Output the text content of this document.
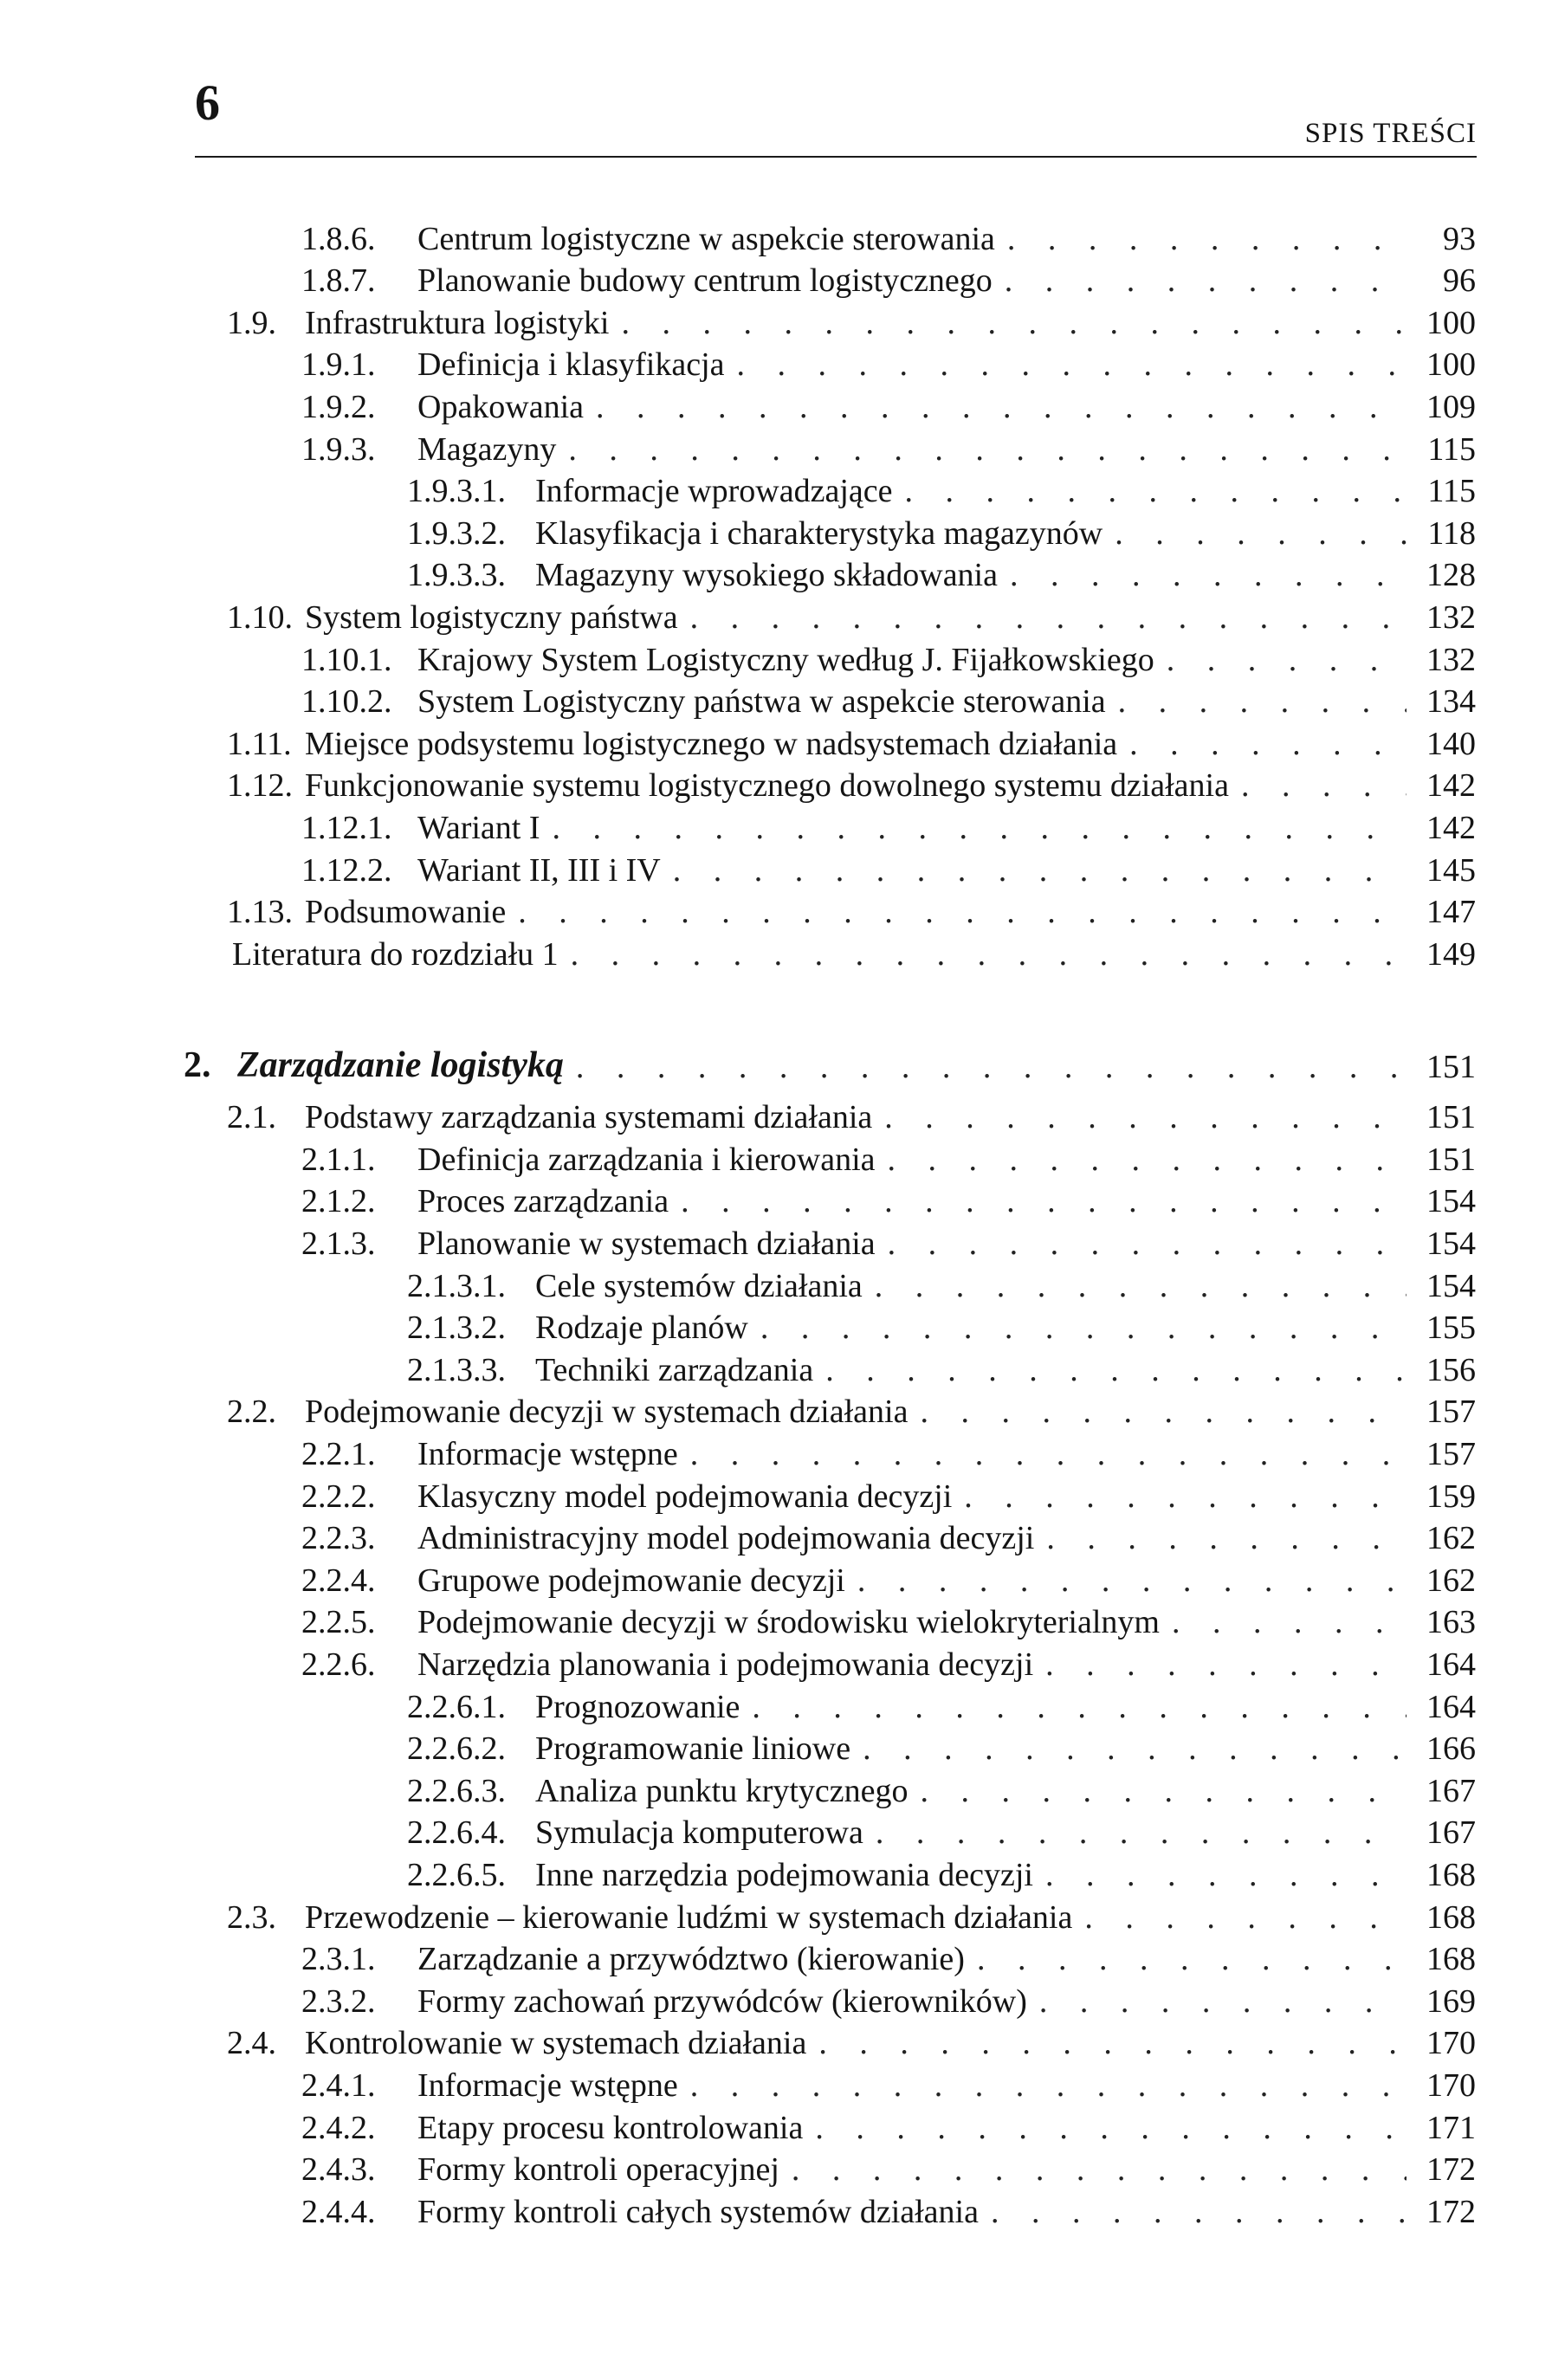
6
SPIS TREŚCI
1.8.6.	Centrum logistyczne w aspekcie sterowania . . .	93
1.8.7.	Planowanie budowy centrum logistycznego . . .	96
1.9. Infrastruktura logistyki . . .	100
1.9.1.	Definicja i klasyfikacja . . .	100
1.9.2.	Opakowania . . .	109
1.9.3.	Magazyny . . .	115
1.9.3.1. Informacje wprowadzające . . .	115
1.9.3.2. Klasyfikacja i charakterystyka magazynów . . .	118
1.9.3.3. Magazyny wysokiego składowania . . .	128
1.10. System logistyczny państwa . . .	132
1.10.1. Krajowy System Logistyczny według J. Fijałkowskiego . . .	132
1.10.2. System Logistyczny państwa w aspekcie sterowania . . .	134
1.11. Miejsce podsystemu logistycznego w nadsystemach działania . . .	140
1.12. Funkcjonowanie systemu logistycznego dowolnego systemu działania . . .	142
1.12.1. Wariant I . . .	142
1.12.2. Wariant II, III i IV . . .	145
1.13. Podsumowanie . . .	147
Literatura do rozdziału 1 . . .	149
2. Zarządzanie logistyką . . .	151
2.1. Podstawy zarządzania systemami działania . . .	151
2.1.1.	Definicja zarządzania i kierowania . . .	151
2.1.2.	Proces zarządzania . . .	154
2.1.3.	Planowanie w systemach działania . . .	154
2.1.3.1. Cele systemów działania . . .	154
2.1.3.2. Rodzaje planów . . .	155
2.1.3.3. Techniki zarządzania . . .	156
2.2. Podejmowanie decyzji w systemach działania . . .	157
2.2.1.	Informacje wstępne . . .	157
2.2.2.	Klasyczny model podejmowania decyzji . . .	159
2.2.3.	Administracyjny model podejmowania decyzji . . .	162
2.2.4.	Grupowe podejmowanie decyzji . . .	162
2.2.5.	Podejmowanie decyzji w środowisku wielokryterialnym . . .	163
2.2.6.	Narzędzia planowania i podejmowania decyzji . . .	164
2.2.6.1. Prognozowanie . . .	164
2.2.6.2. Programowanie liniowe . . .	166
2.2.6.3. Analiza punktu krytycznego . . .	167
2.2.6.4. Symulacja komputerowa . . .	167
2.2.6.5. Inne narzędzia podejmowania decyzji . . .	168
2.3. Przewodzenie – kierowanie ludźmi w systemach działania . . .	168
2.3.1.	Zarządzanie a przywództwo (kierowanie) . . .	168
2.3.2.	Formy zachowań przywódców (kierowników) . . .	169
2.4. Kontrolowanie w systemach działania . . .	170
2.4.1.	Informacje wstępne . . .	170
2.4.2.	Etapy procesu kontrolowania . . .	171
2.4.3.	Formy kontroli operacyjnej . . .	172
2.4.4.	Formy kontroli całych systemów działania . . .	172
